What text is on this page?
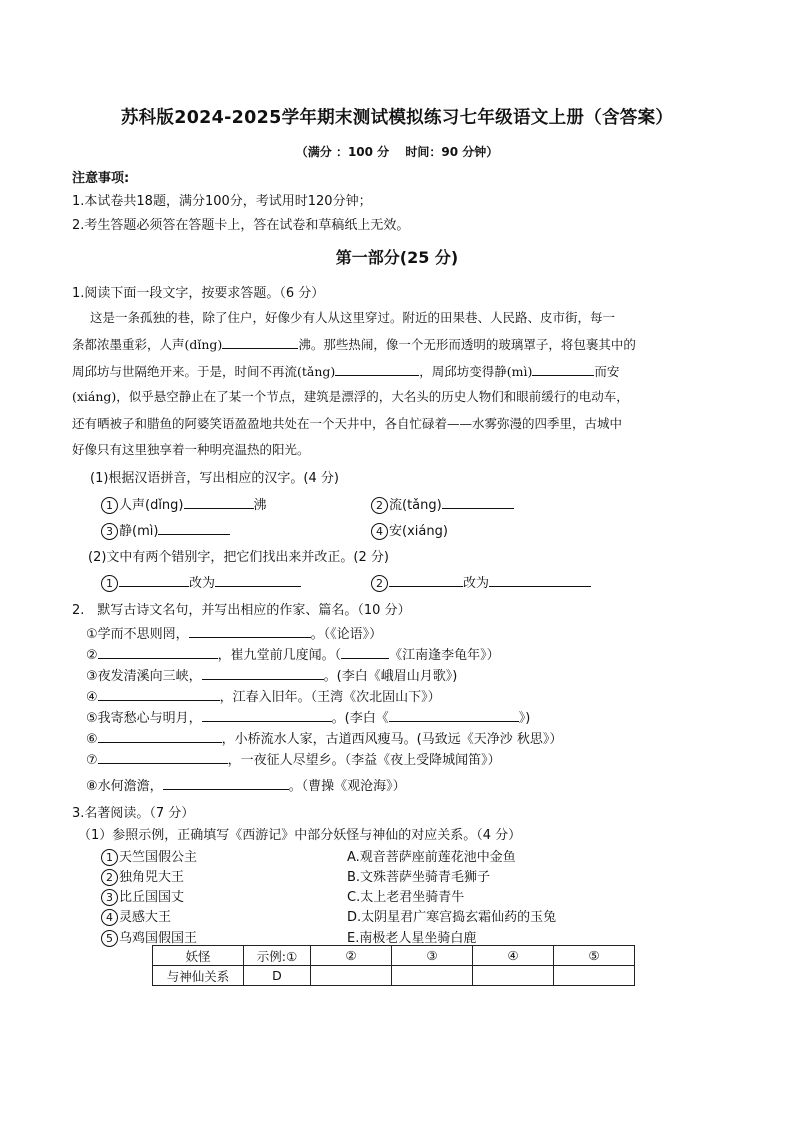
苏科版2024-2025学年期末测试模拟练习七年级语文上册（含答案）
（满分 ：100 分　 时间：90 分钟）
注意事项:
1.本试卷共18题，满分100分，考试用时120分钟；
2.考生答题必须答在答题卡上，答在试卷和草稿纸上无效。
第一部分(25 分)
1.阅读下面一段文字，按要求答题。（6 分）
这是一条孤独的巷，除了住户，好像少有人从这里穿过。附近的田果巷、人民路、皮市街，每一
条都浓墨重彩，人声(dǐng)	沸。那些热闹，像一个无形而透明的玻璃罩子，将包裹其中的
周邱坊与世隔绝开来。于是，时间不再流(tǎng)	，周邱坊变得静(mì)	而安
(xiáng)，似乎悬空静止在了某一个节点，建筑是漂浮的，大名头的历史人物们和眼前缓行的电动车，
还有晒被子和腊鱼的阿婆笑语盈盈地共处在一个天井中，各自忙碌着——水雾弥漫的四季里，古城中
好像只有这里独享着一种明亮温热的阳光。
(1)根据汉语拼音，写出相应的汉字。(4 分)
1 人声(dǐng)	沸	2 流(tǎng)
3 静(mì)	4 安(xiáng)
(2)文中有两个错别字，把它们找出来并改正。(2 分)
1	改为	2	改为
2.　默写古诗文名句，并写出相应的作家、篇名。（10 分）
①学而不思则罔，	。（《论语》）
②	，崔九堂前几度闻。（	《江南逢李龟年》）
③夜发清溪向三峡，	。(李白《峨眉山月歌》)
④	，江春入旧年。（王湾《次北固山下》）
⑤我寄愁心与明月，	。(李白《	》)
⑥	，小桥流水人家，古道西风瘦马。(马致远《天净沙 秋思》）
⑦	，一夜征人尽望乡。（李益《夜上受降城闻笛》）
⑧水何澹澹，	。（曹操《观沧海》）
3.名著阅读。（7 分）
（1）参照示例，正确填写《西游记》中部分妖怪与神仙的对应关系。（4 分）
1 天竺国假公主
2 独角兕大王
3 比丘国国丈
4 灵感大王
5 乌鸡国假国王
A.观音菩萨座前莲花池中金鱼
B.文殊菩萨坐骑青毛狮子
C.太上老君坐骑青牛
D.太阴星君广寒宫捣玄霜仙药的玉兔
E.南极老人星坐骑白鹿
妖怪	示例:①	②	③	④	⑤
与神仙关系	D				
